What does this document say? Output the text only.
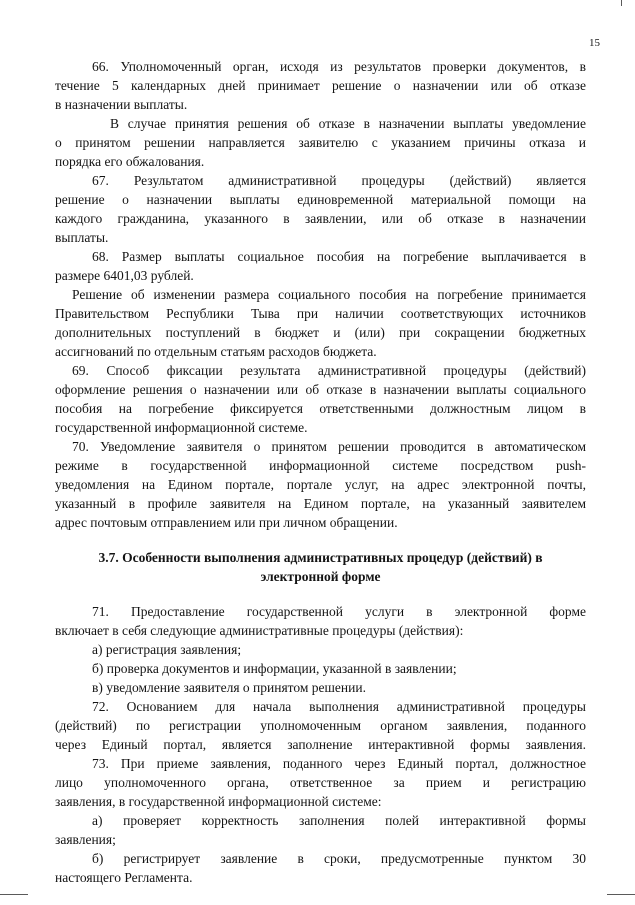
15
66. Уполномоченный орган, исходя из результатов проверки документов, в
течение 5 календарных дней принимает решение о назначении или об отказе
в назначении выплаты.
В случае принятия решения об отказе в назначении выплаты уведомление
о принятом решении направляется заявителю с указанием причины отказа и
порядка его обжалования.
67. Результатом административной процедуры (действий) является
решение о назначении выплаты единовременной материальной помощи на
каждого гражданина, указанного в заявлении, или об отказе в назначении
выплаты.
68. Размер выплаты социальное пособия на погребение выплачивается в
размере 6401,03 рублей.
Решение об изменении размера социального пособия на погребение принимается
Правительством Республики Тыва при наличии соответствующих источников
дополнительных поступлений в бюджет и (или) при сокращении бюджетных
ассигнований по отдельным статьям расходов бюджета.
69. Способ фиксации результата административной процедуры (действий)
оформление решения о назначении или об отказе в назначении выплаты социального
пособия на погребение фиксируется ответственными должностным лицом в
государственной информационной системе.
70. Уведомление заявителя о принятом решении проводится в автоматическом
режиме в государственной информационной системе посредством push-
уведомления на Едином портале, портале услуг, на адрес электронной почты,
указанный в профиле заявителя на Едином портале, на указанный заявителем
адрес почтовым отправлением или при личном обращении.
3.7. Особенности выполнения административных процедур (действий) в
электронной форме
71. Предоставление государственной услуги в электронной форме
включает в себя следующие административные процедуры (действия):
а) регистрация заявления;
б) проверка документов и информации, указанной в заявлении;
в) уведомление заявителя о принятом решении.
72. Основанием для начала выполнения административной процедуры
(действий) по регистрации уполномоченным органом заявления, поданного
через Единый портал, является заполнение интерактивной формы заявления.
73. При приеме заявления, поданного через Единый портал, должностное
лицо уполномоченного органа, ответственное за прием и регистрацию
заявления, в государственной информационной системе:
а) проверяет корректность заполнения полей интерактивной формы
заявления;
б) регистрирует заявление в сроки, предусмотренные пунктом 30
настоящего Регламента.
